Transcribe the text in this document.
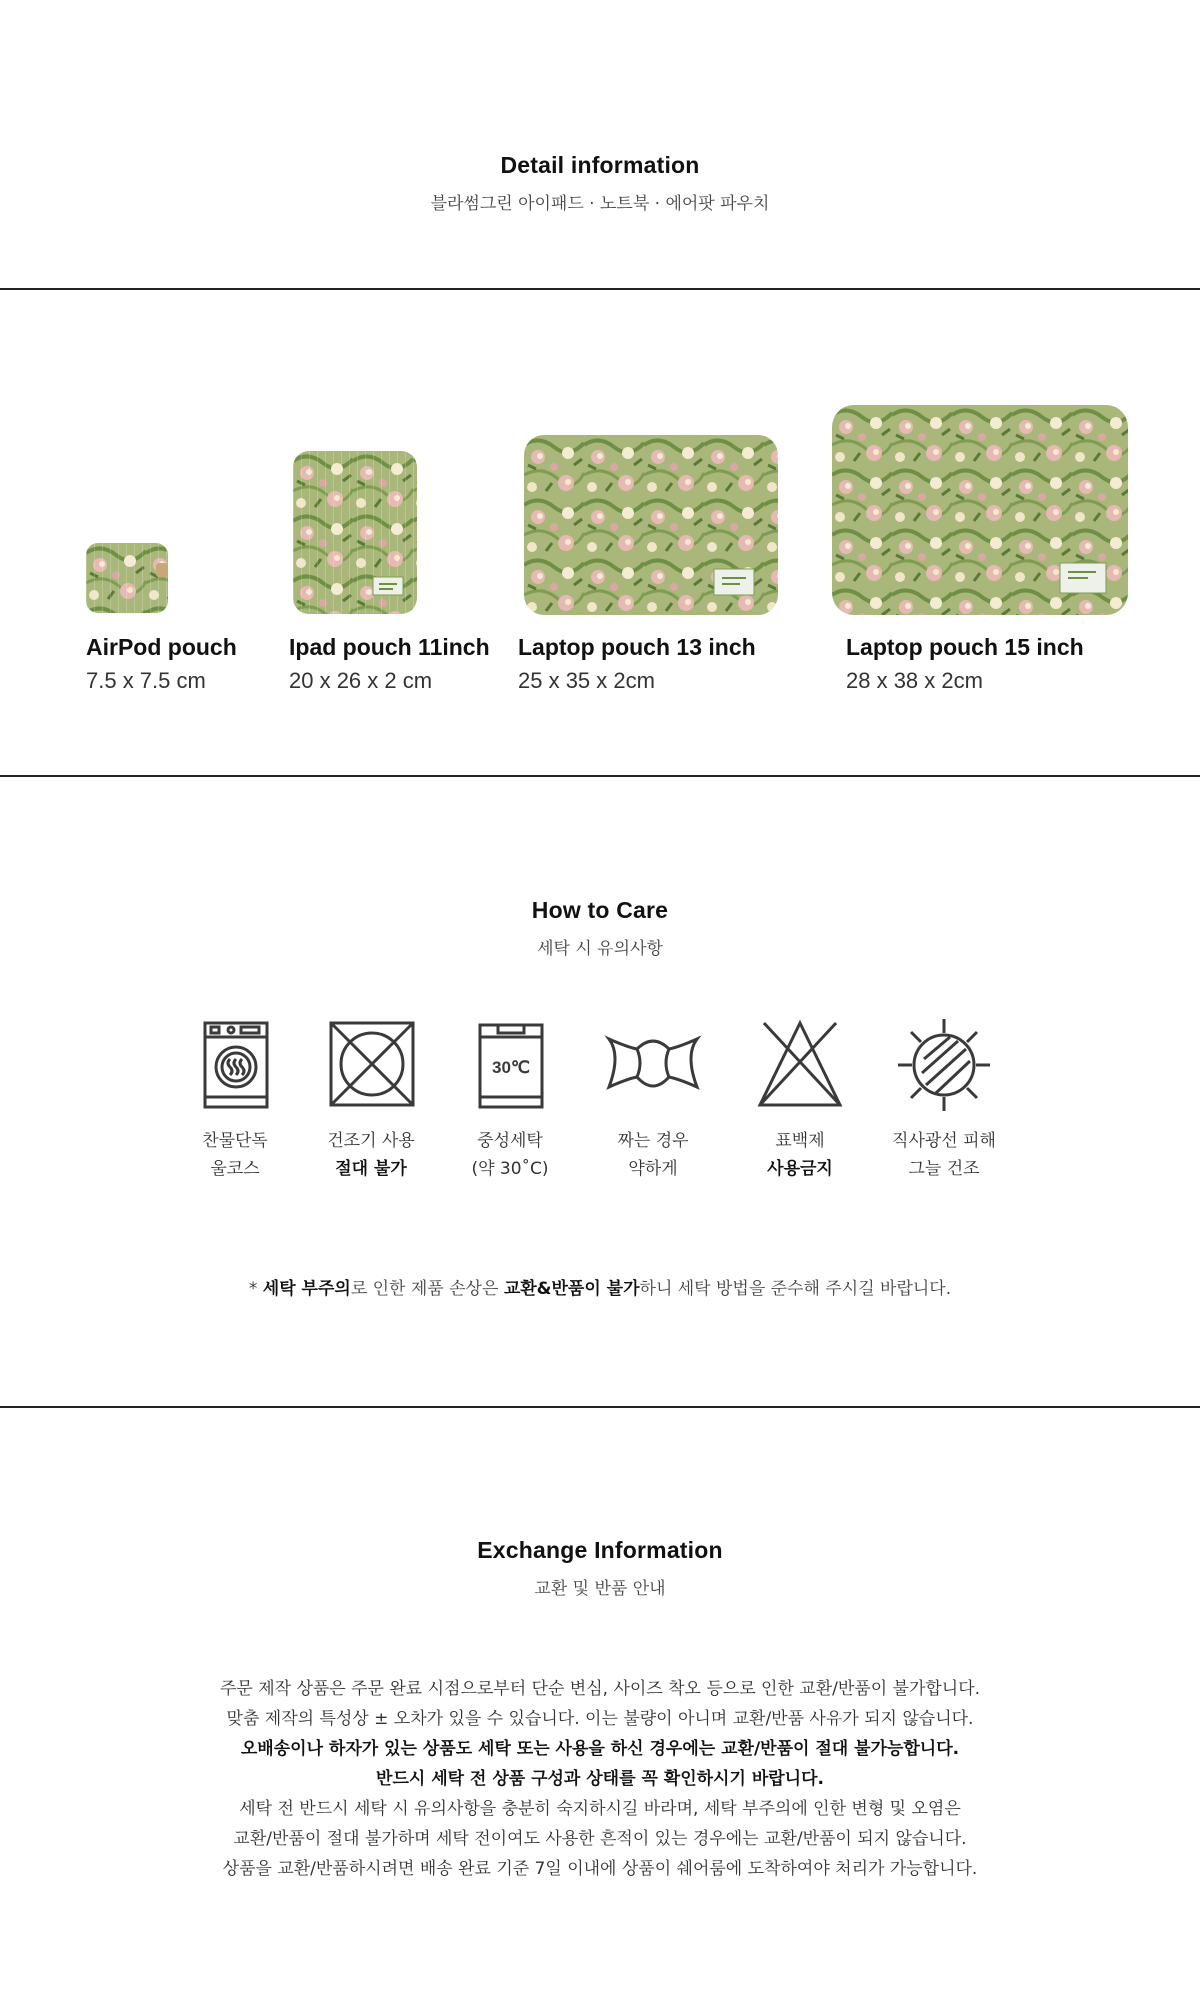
Detail information
블라썸그린 아이패드 · 노트북 · 에어팟 파우치
AirPod pouch
7.5 x 7.5 cm
Ipad pouch 11inch
20 x 26 x 2 cm
Laptop pouch 13 inch
25 x 35 x 2cm
Laptop pouch 15 inch
28 x 38 x 2cm
How to Care
세탁 시 유의사항
찬물단독
울코스
건조기 사용
절대 불가
30℃
중성세탁
(약 30˚C)
짜는 경우
약하게
표백제
사용금지
직사광선 피해
그늘 건조
* 세탁 부주의로 인한 제품 손상은 교환&반품이 불가하니 세탁 방법을 준수해 주시길 바랍니다.
Exchange Information
교환 및 반품 안내
주문 제작 상품은 주문 완료 시점으로부터 단순 변심, 사이즈 착오 등으로 인한 교환/반품이 불가합니다.
맞춤 제작의 특성상 ± 오차가 있을 수 있습니다. 이는 불량이 아니며 교환/반품 사유가 되지 않습니다.
오배송이나 하자가 있는 상품도 세탁 또는 사용을 하신 경우에는 교환/반품이 절대 불가능합니다.
반드시 세탁 전 상품 구성과 상태를 꼭 확인하시기 바랍니다.
세탁 전 반드시 세탁 시 유의사항을 충분히 숙지하시길 바라며, 세탁 부주의에 인한 변형 및 오염은
교환/반품이 절대 불가하며 세탁 전이여도 사용한 흔적이 있는 경우에는 교환/반품이 되지 않습니다.
상품을 교환/반품하시려면 배송 완료 기준 7일 이내에 상품이 쉐어룸에 도착하여야 처리가 가능합니다.
